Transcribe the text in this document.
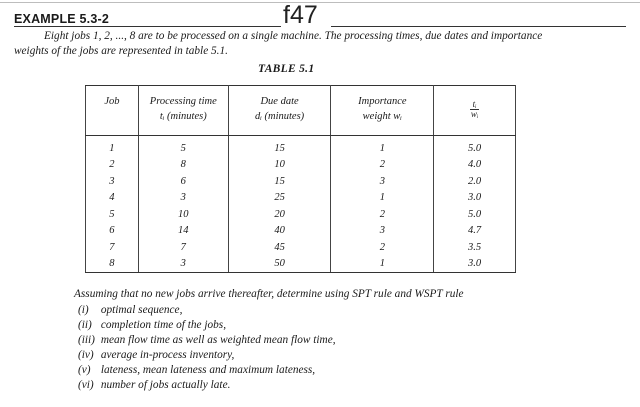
EXAMPLE 5.3-2	f47
Eight jobs 1, 2, ..., 8 are to be processed on a single machine. The processing times, due dates and importance weights of the jobs are represented in table 5.1.
TABLE 5.1
Job	Processing time	Due date	Importance	$\frac{\text{tᵢ}}{\text{wᵢ}}$

	tᵢ (minutes)	dᵢ (minutes)	weight wᵢ	
1	5	15	1	5.0
2	8	10	2	4.0
3	6	15	3	2.0
4	3	25	1	3.0
5	10	20	2	5.0
6	14	40	3	4.7
7	7	45	2	3.5
8	3	50	1	3.0
Assuming that no new jobs arrive thereafter, determine using SPT rule and WSPT rule
(i) optimal sequence,
(ii) completion time of the jobs,
(iii) mean flow time as well as weighted mean flow time,
(iv) average in-process inventory,
(v) lateness, mean lateness and maximum lateness,
(vi) number of jobs actually late.
